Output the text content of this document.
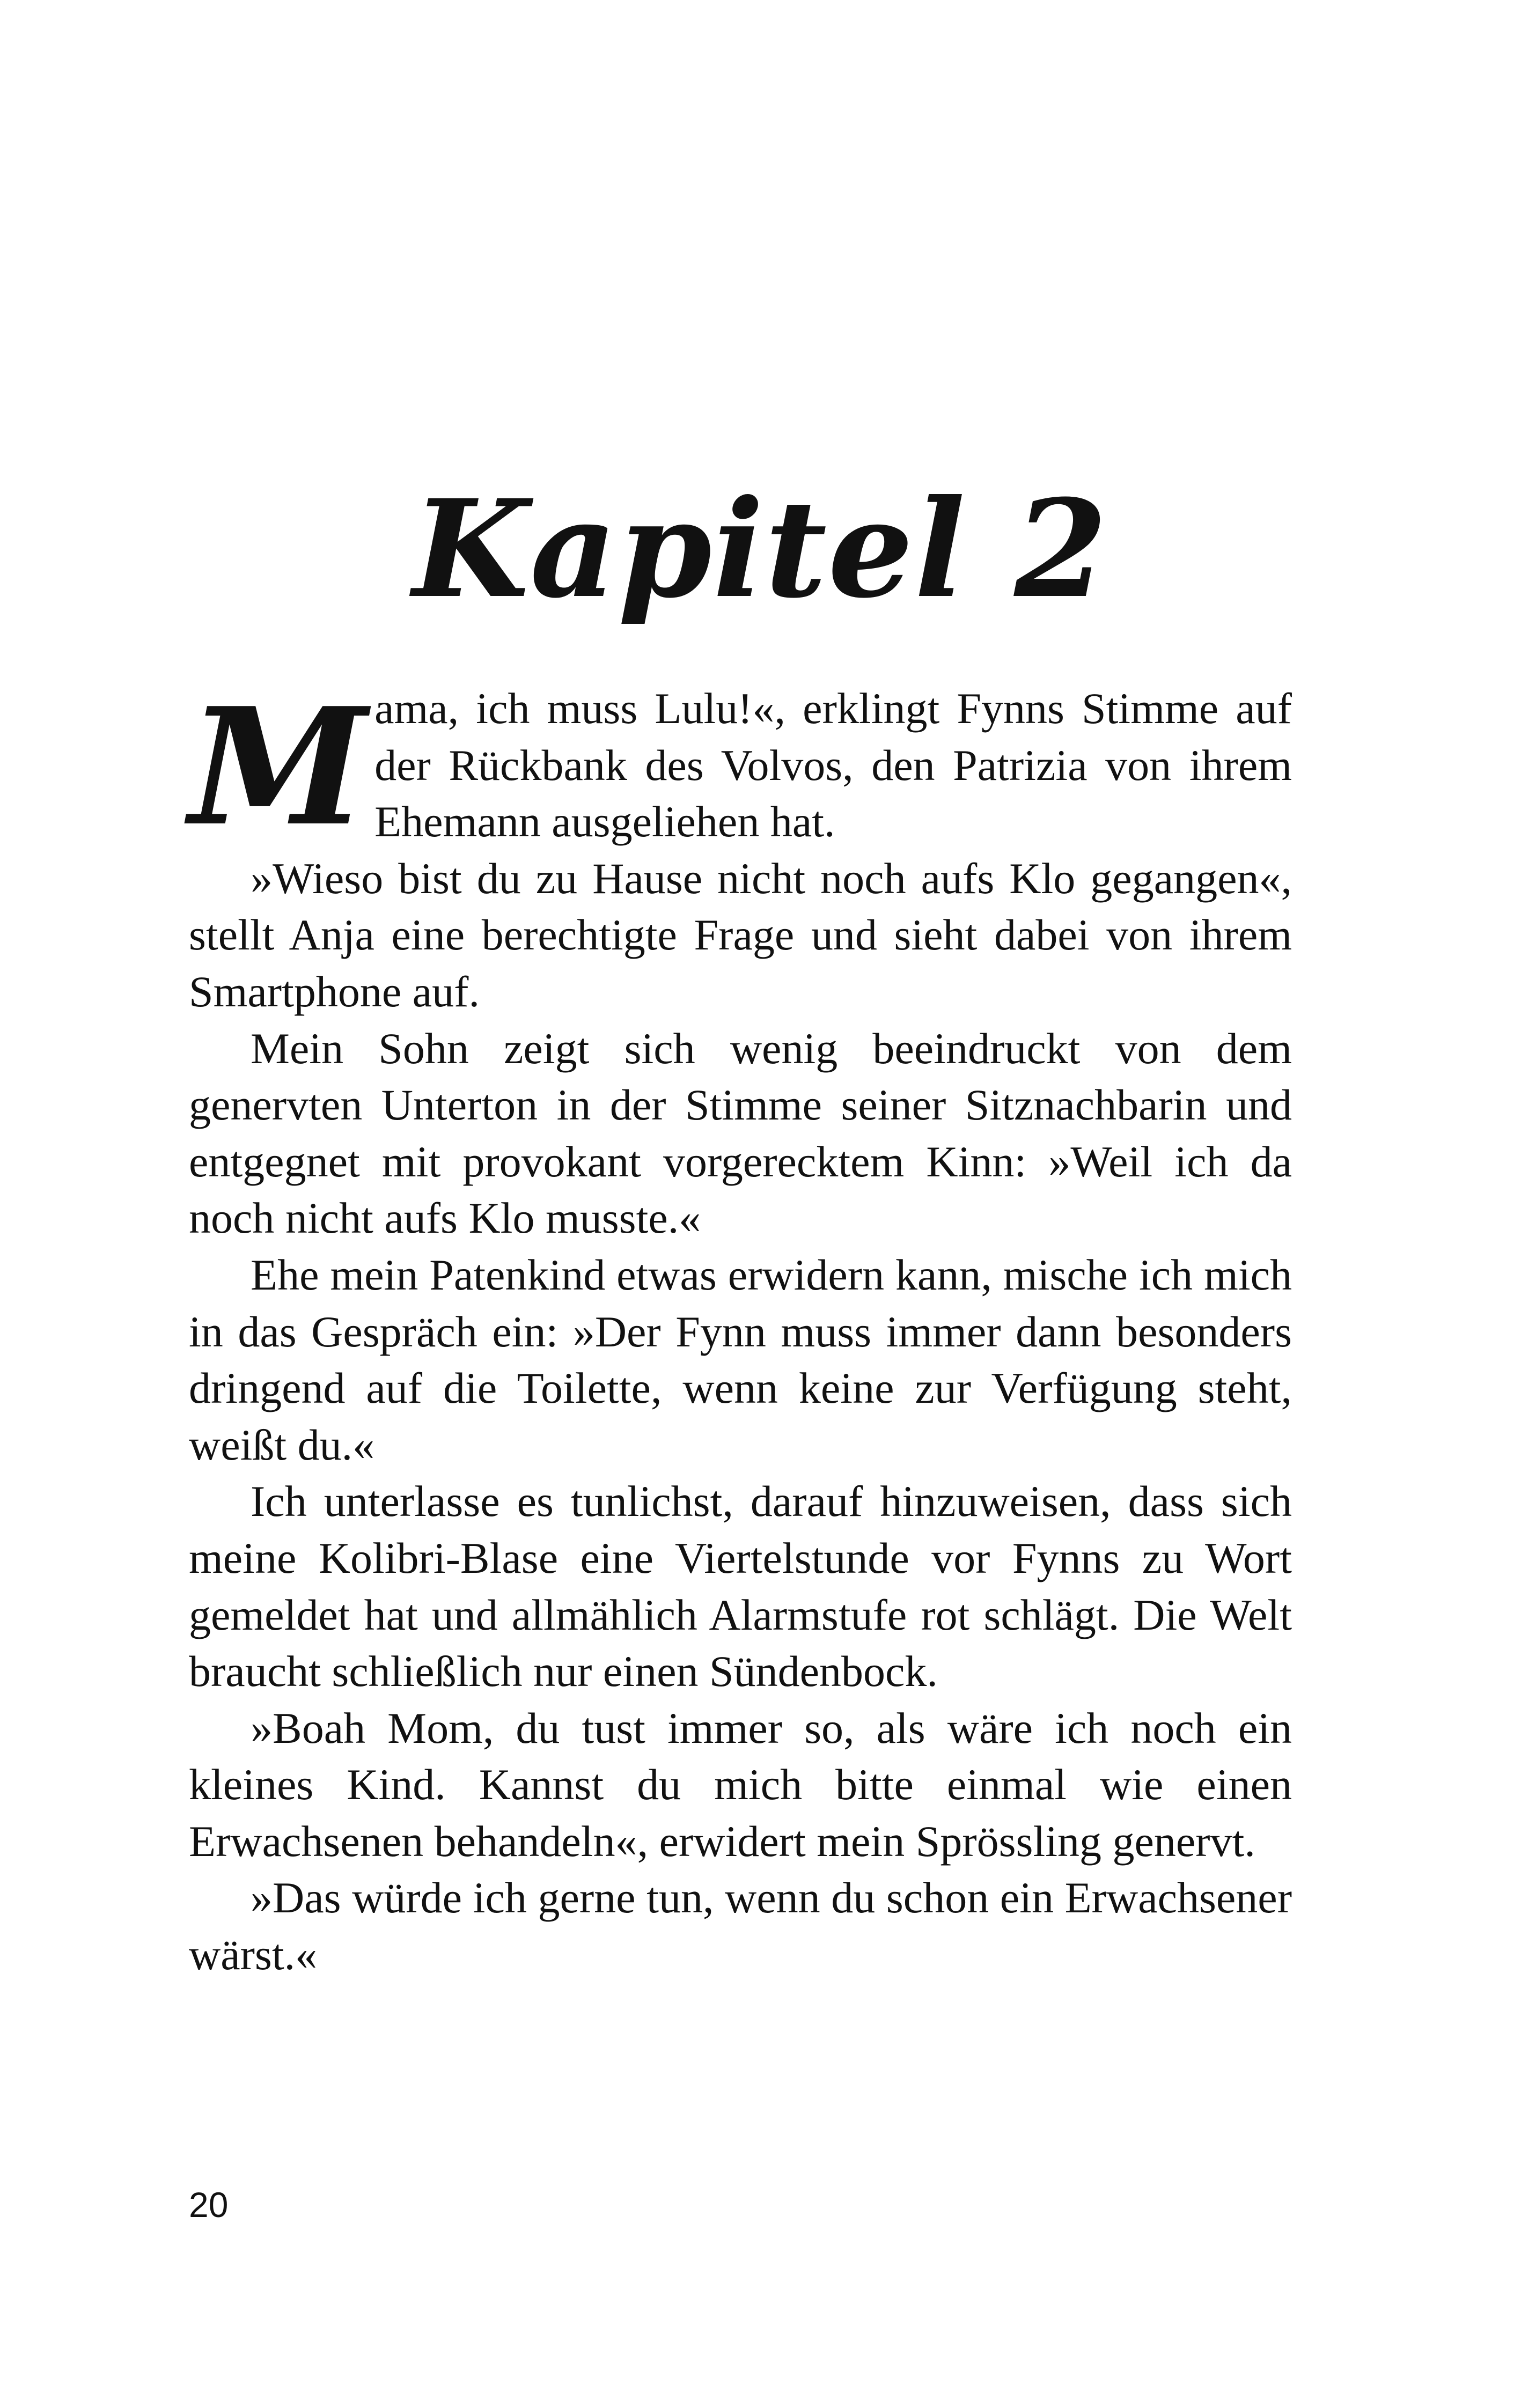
Kapitel 2

Mama, ich muss Lulu!«, erklingt Fynns Stimme auf der Rückbank des Volvos, den Patrizia von ihrem Ehemann ausgeliehen hat.

»Wieso bist du zu Hause nicht noch aufs Klo gegangen«, stellt Anja eine berechtigte Frage und sieht dabei von ihrem Smartphone auf.

Mein Sohn zeigt sich wenig beeindruckt von dem genervten Unterton in der Stimme seiner Sitznachbarin und entgegnet mit provokant vorgerecktem Kinn: »Weil ich da noch nicht aufs Klo musste.«

Ehe mein Patenkind etwas erwidern kann, mische ich mich in das Gespräch ein: »Der Fynn muss immer dann besonders dringend auf die Toilette, wenn keine zur Verfügung steht, weißt du.«

Ich unterlasse es tunlichst, darauf hinzuweisen, dass sich meine Kolibri-Blase eine Viertelstunde vor Fynns zu Wort gemeldet hat und allmählich Alarmstufe rot schlägt. Die Welt braucht schließlich nur einen Sündenbock.

»Boah Mom, du tust immer so, als wäre ich noch ein kleines Kind. Kannst du mich bitte einmal wie einen Erwachsenen behandeln«, erwidert mein Sprössling genervt.

»Das würde ich gerne tun, wenn du schon ein Erwachsener wärst.«

20
